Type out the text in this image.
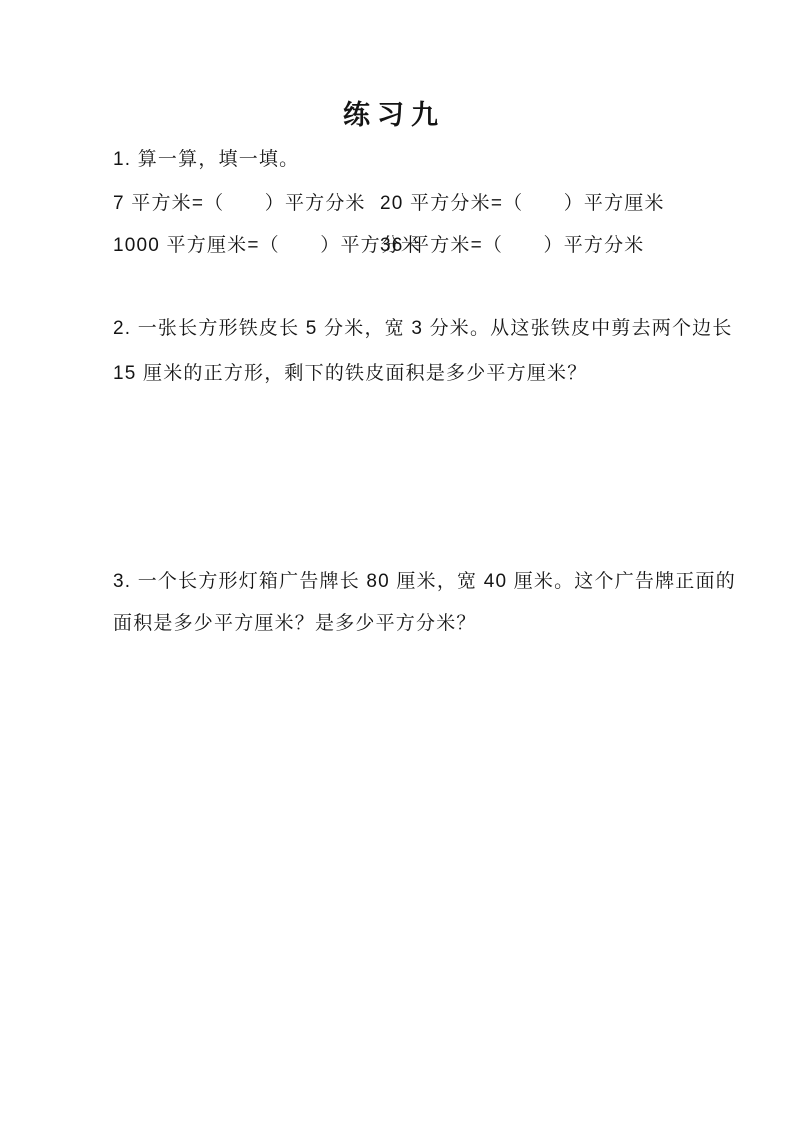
练习九

1. 算一算，填一填。

7 平方米=（　　）平方分米 20 平方分米=（　　）平方厘米
1000 平方厘米=（　　）平方分米
36 平方米=（　　）平方分米

2. 一张长方形铁皮长 5 分米，宽 3 分米。从这张铁皮中剪去两个边长

15 厘米的正方形，剩下的铁皮面积是多少平方厘米？

3. 一个长方形灯箱广告牌长 80 厘米，宽 40 厘米。这个广告牌正面的

面积是多少平方厘米？是多少平方分米？
